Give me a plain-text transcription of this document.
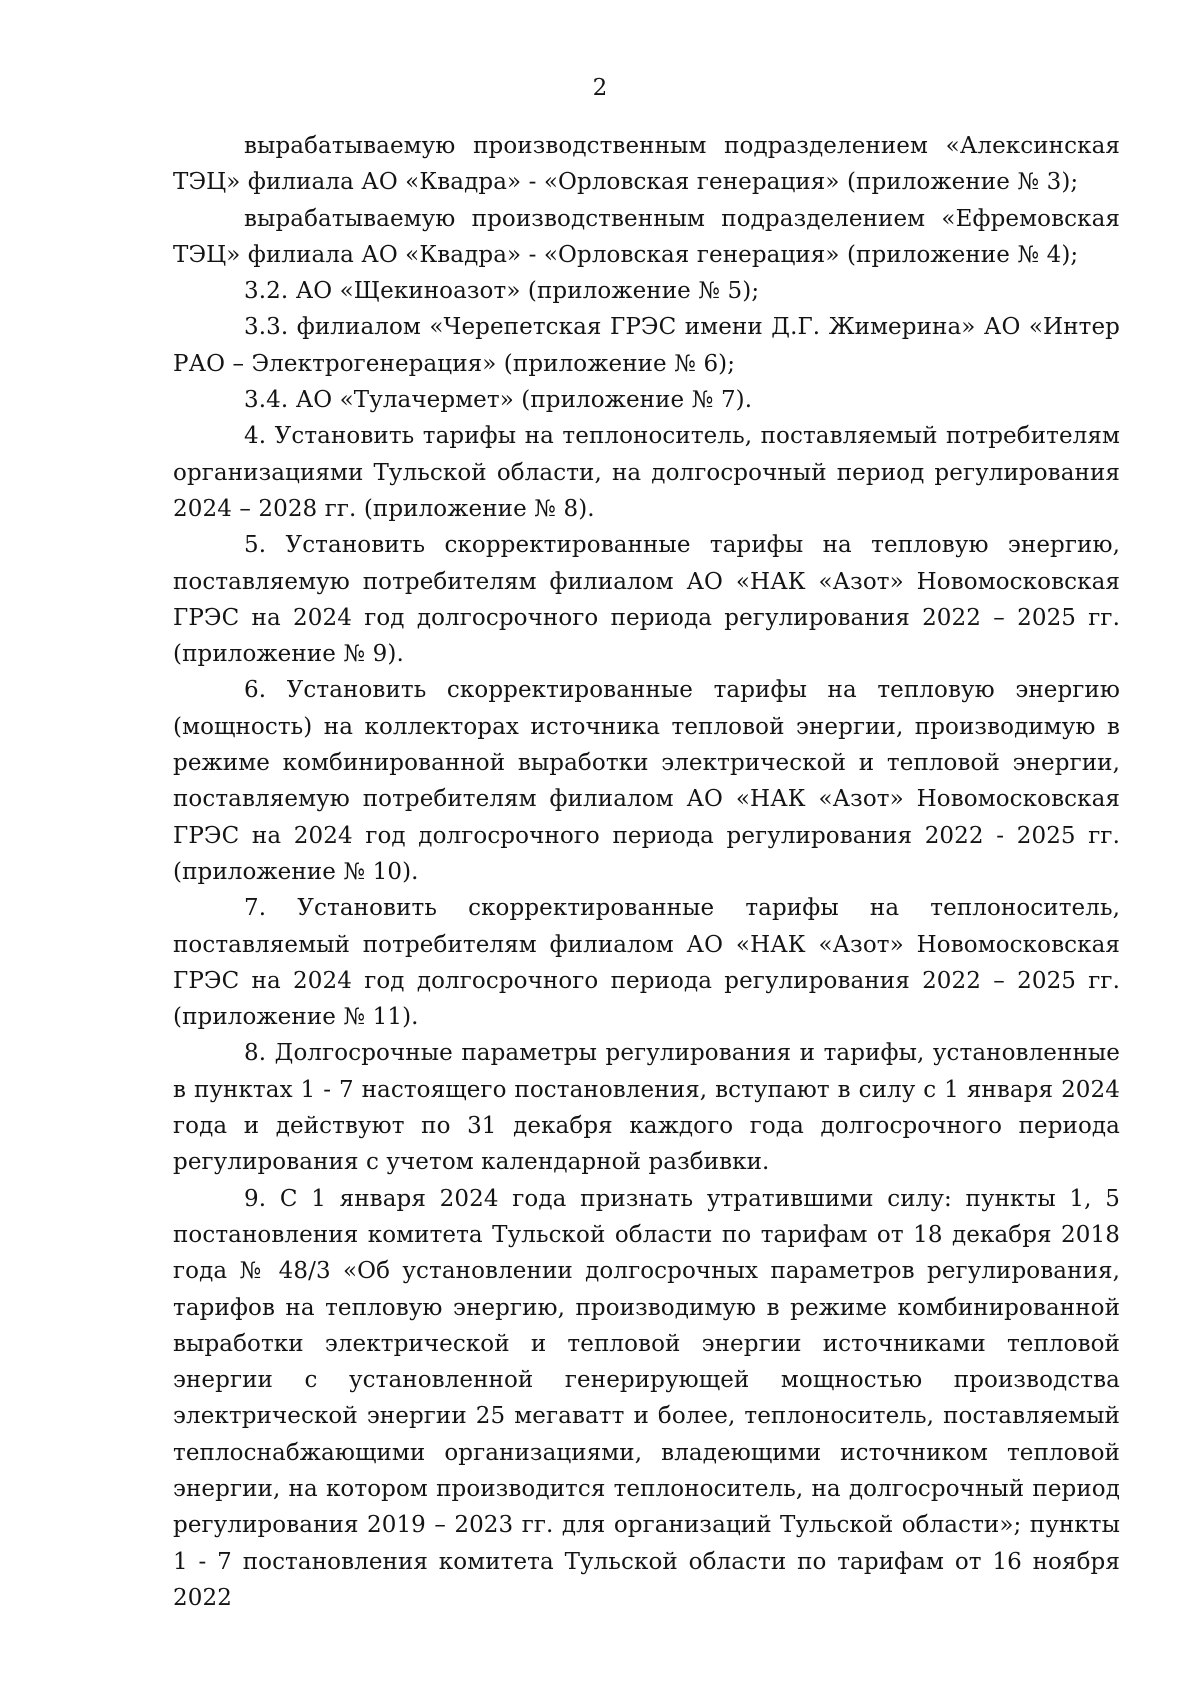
2

вырабатываемую производственным подразделением «Алексинская ТЭЦ» филиала АО «Квадра» - «Орловская генерация» (приложение № 3);

вырабатываемую производственным подразделением «Ефремовская ТЭЦ» филиала АО «Квадра» - «Орловская генерация» (приложение № 4);

3.2. АО «Щекиноазот» (приложение № 5);

3.3. филиалом «Черепетская ГРЭС имени Д.Г. Жимерина» АО «Интер РАО – Электрогенерация» (приложение № 6);

3.4. АО «Тулачермет» (приложение № 7).

4. Установить тарифы на теплоноситель, поставляемый потребителям организациями Тульской области, на долгосрочный период регулирования 2024 – 2028 гг. (приложение № 8).

5. Установить скорректированные тарифы на тепловую энергию, поставляемую потребителям филиалом АО «НАК «Азот» Новомосковская ГРЭС на 2024 год долгосрочного периода регулирования 2022 – 2025 гг. (приложение № 9).

6. Установить скорректированные тарифы на тепловую энергию (мощность) на коллекторах источника тепловой энергии, производимую в режиме комбинированной выработки электрической и тепловой энергии, поставляемую потребителям филиалом АО «НАК «Азот» Новомосковская ГРЭС на 2024 год долгосрочного периода регулирования 2022 - 2025 гг. (приложение № 10).

7. Установить скорректированные тарифы на теплоноситель, поставляемый потребителям филиалом АО «НАК «Азот» Новомосковская ГРЭС на 2024 год долгосрочного периода регулирования 2022 – 2025 гг. (приложение № 11).

8. Долгосрочные параметры регулирования и тарифы, установленные в пунктах 1 - 7 настоящего постановления, вступают в силу с 1 января 2024 года и действуют по 31 декабря каждого года долгосрочного периода регулирования с учетом календарной разбивки.

9. С 1 января 2024 года признать утратившими силу: пункты 1, 5 постановления комитета Тульской области по тарифам от 18 декабря 2018 года № 48/3 «Об установлении долгосрочных параметров регулирования, тарифов на тепловую энергию, производимую в режиме комбинированной выработки электрической и тепловой энергии источниками тепловой энергии с установленной генерирующей мощностью производства электрической энергии 25 мегаватт и более, теплоноситель, поставляемый теплоснабжающими организациями, владеющими источником тепловой энергии, на котором производится теплоноситель, на долгосрочный период регулирования 2019 – 2023 гг. для организаций Тульской области»; пункты 1 - 7 постановления комитета Тульской области по тарифам от 16 ноября 2022
